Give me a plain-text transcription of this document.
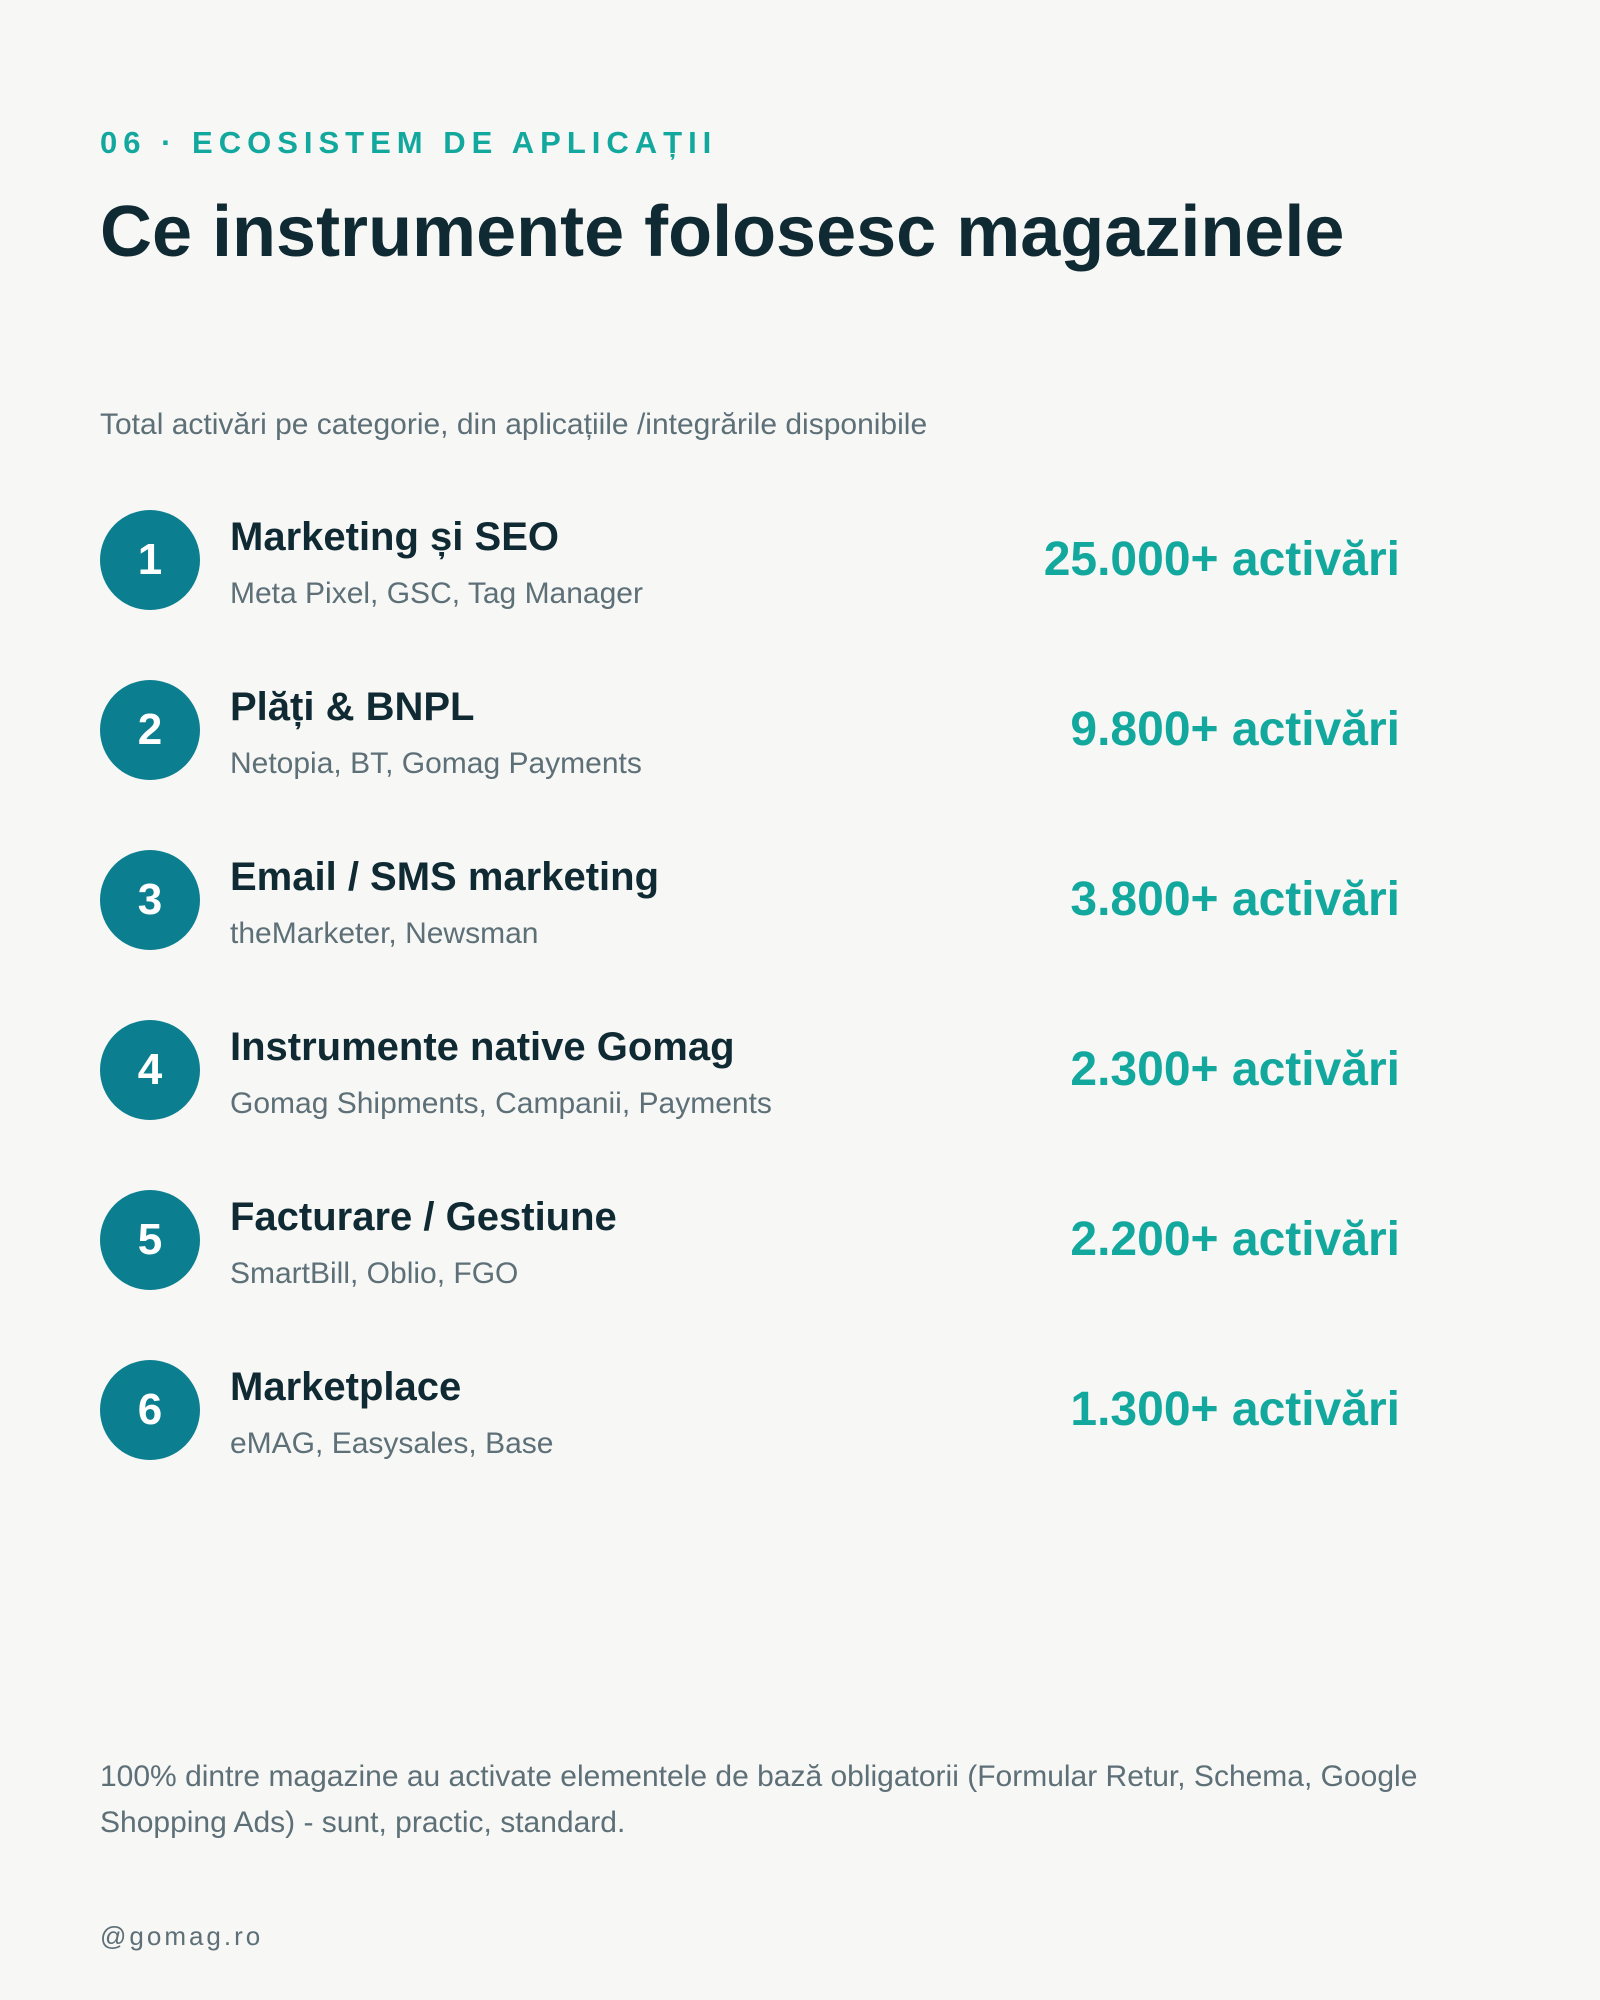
06 · ECOSISTEM DE APLICAȚII
Ce instrumente folosesc magazinele
Total activări pe categorie, din aplicațiile /integrările disponibile
1	Marketing și SEO
Meta Pixel, GSC, Tag Manager
25.000+ activări
2	Plăți & BNPL
Netopia, BT, Gomag Payments
9.800+ activări
3	Email / SMS marketing
theMarketer, Newsman
3.800+ activări
4	Instrumente native Gomag
Gomag Shipments, Campanii, Payments
2.300+ activări
5	Facturare / Gestiune
SmartBill, Oblio, FGO
2.200+ activări
6	Marketplace
eMAG, Easysales, Base
1.300+ activări
100% dintre magazine au activate elementele de bază obligatorii (Formular Retur, Schema, Google Shopping Ads) - sunt, practic, standard.
@gomag.ro
